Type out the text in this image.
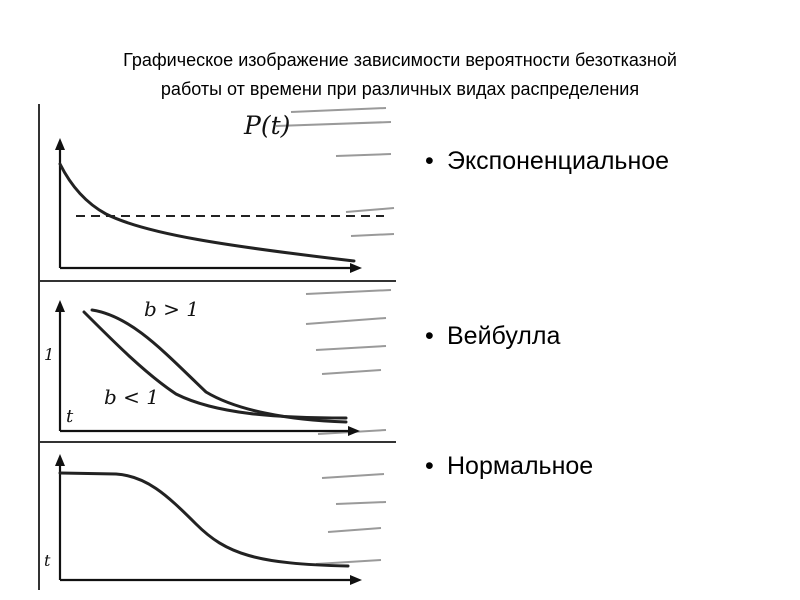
Графическое изображение зависимости вероятности безотказной
работы от времени при различных видах распределения
P(t)
b > 1
b < 1
1
t
t
• Экспоненциальное
• Вейбулла
• Нормальное
